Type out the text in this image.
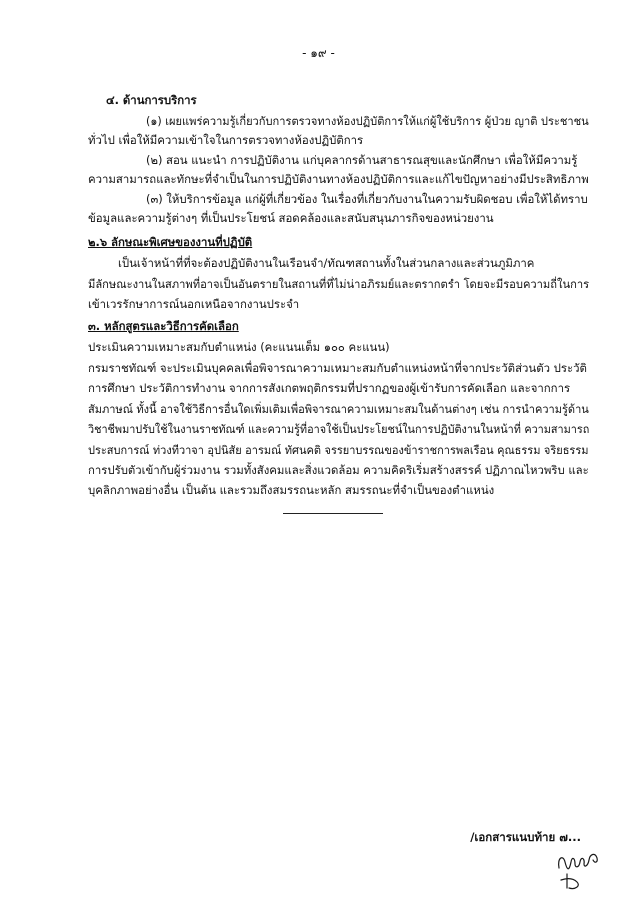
- ๑๙ -
๔. ด้านการบริการ
(๑) เผยแพร่ความรู้เกี่ยวกับการตรวจทางห้องปฏิบัติการให้แก่ผู้ใช้บริการ ผู้ป่วย ญาติ ประชาชน
ทั่วไป เพื่อให้มีความเข้าใจในการตรวจทางห้องปฏิบัติการ
(๒) สอน แนะนำ การปฏิบัติงาน แก่บุคลากรด้านสาธารณสุขและนักศึกษา เพื่อให้มีความรู้
ความสามารถและทักษะที่จำเป็นในการปฏิบัติงานทางห้องปฏิบัติการและแก้ไขปัญหาอย่างมีประสิทธิภาพ
(๓) ให้บริการข้อมูล แก่ผู้ที่เกี่ยวข้อง ในเรื่องที่เกี่ยวกับงานในความรับผิดชอบ เพื่อให้ได้ทราบ
ข้อมูลและความรู้ต่างๆ ที่เป็นประโยชน์ สอดคล้องและสนับสนุนภารกิจของหน่วยงาน
๒.๖ ลักษณะพิเศษของงานที่ปฏิบัติ
เป็นเจ้าหน้าที่ที่จะต้องปฏิบัติงานในเรือนจำ/ทัณฑสถานทั้งในส่วนกลางและส่วนภูมิภาค
มีลักษณะงานในสภาพที่อาจเป็นอันตรายในสถานที่ที่ไม่น่าอภิรมย์และตรากตรำ โดยจะมีรอบความถี่ในการ
เข้าเวรรักษาการณ์นอกเหนือจากงานประจำ
๓. หลักสูตรและวิธีการคัดเลือก
ประเมินความเหมาะสมกับตำแหน่ง (คะแนนเต็ม ๑๐๐ คะแนน)
กรมราชทัณฑ์ จะประเมินบุคคลเพื่อพิจารณาความเหมาะสมกับตำแหน่งหน้าที่จากประวัติส่วนตัว ประวัติ
การศึกษา ประวัติการทำงาน จากการสังเกตพฤติกรรมที่ปรากฏของผู้เข้ารับการคัดเลือก และจากการ
สัมภาษณ์ ทั้งนี้ อาจใช้วิธีการอื่นใดเพิ่มเติมเพื่อพิจารณาความเหมาะสมในด้านต่างๆ เช่น การนำความรู้ด้าน
วิชาชีพมาปรับใช้ในงานราชทัณฑ์ และความรู้ที่อาจใช้เป็นประโยชน์ในการปฏิบัติงานในหน้าที่ ความสามารถ
ประสบการณ์ ท่วงทีวาจา อุปนิสัย อารมณ์ ทัศนคติ จรรยาบรรณของข้าราชการพลเรือน คุณธรรม จริยธรรม
การปรับตัวเข้ากับผู้ร่วมงาน รวมทั้งสังคมและสิ่งแวดล้อม ความคิดริเริ่มสร้างสรรค์ ปฏิภาณไหวพริบ และ
บุคลิกภาพอย่างอื่น เป็นต้น และรวมถึงสมรรถนะหลัก สมรรถนะที่จำเป็นของตำแหน่ง
/เอกสารแนบท้าย ๗...
